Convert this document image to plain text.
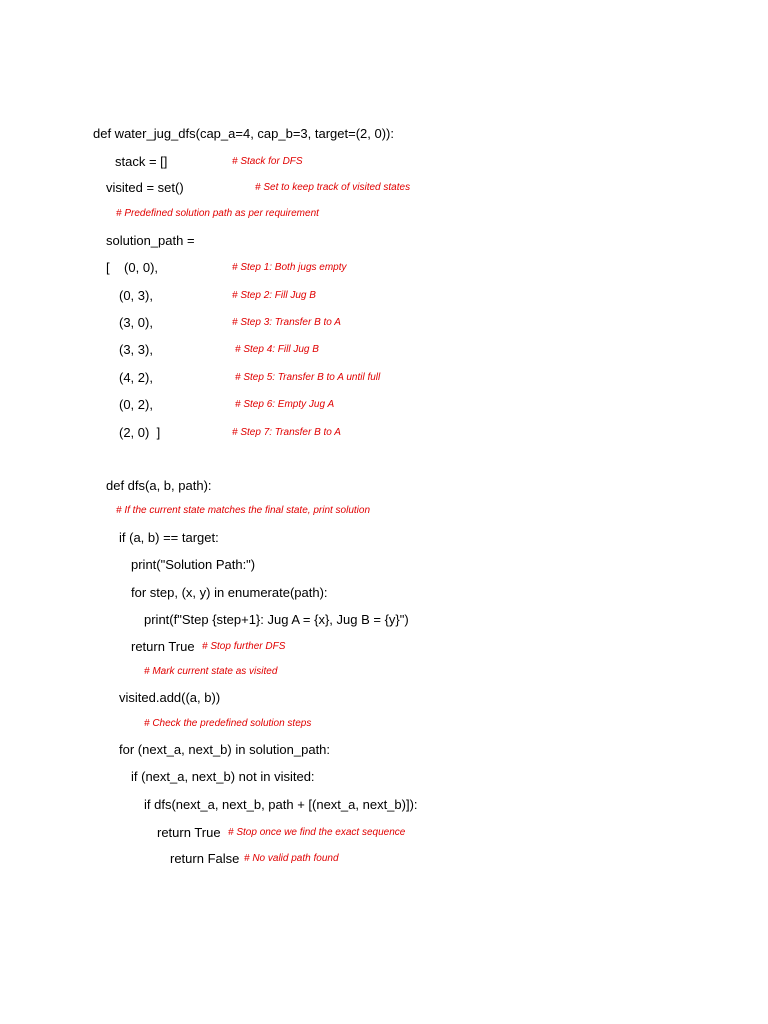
def water_jug_dfs(cap_a=4, cap_b=3, target=(2, 0)):
stack = []
visited = set()
solution_path =
[    (0, 0),
(0, 3),
(3, 0),
(3, 3),
(4, 2),
(0, 2),
(2, 0)  ]
def dfs(a, b, path):
if (a, b) == target:
print("Solution Path:")
for step, (x, y) in enumerate(path):
print(f"Step {step+1}: Jug A = {x}, Jug B = {y}")
return True
visited.add((a, b))
for (next_a, next_b) in solution_path:
if (next_a, next_b) not in visited:
if dfs(next_a, next_b, path + [(next_a, next_b)]):
return True
return False
# Stack for DFS
# Set to keep track of visited states
# Predefined solution path as per requirement
# Step 1: Both jugs empty
# Step 2: Fill Jug B
# Step 3: Transfer B to A
# Step 4: Fill Jug B
# Step 5: Transfer B to A until full
# Step 6: Empty Jug A
# Step 7: Transfer B to A
# If the current state matches the final state, print solution
# Stop further DFS
# Mark current state as visited
# Check the predefined solution steps
# Stop once we find the exact sequence
# No valid path found
